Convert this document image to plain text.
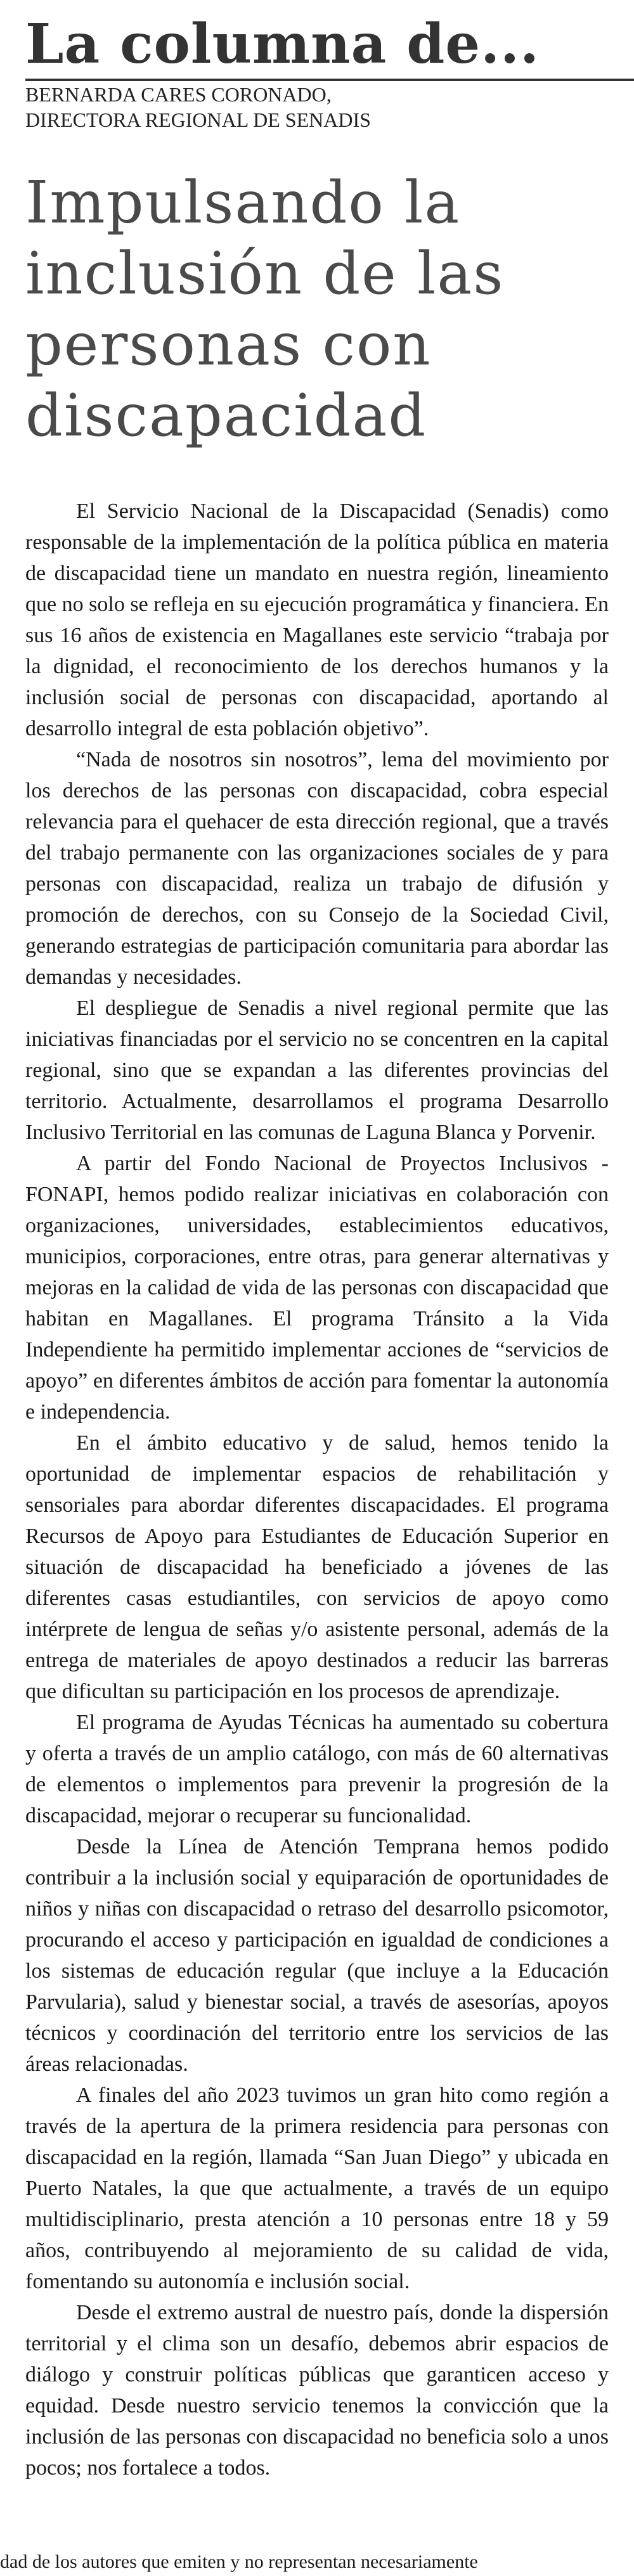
La columna de...
BERNARDA CARES CORONADO,
DIRECTORA REGIONAL DE SENADIS
Impulsando la inclusión de las personas con discapacidad

El Servicio Nacional de la Discapacidad (Senadis) como responsable de la implementación de la política pública en materia de discapacidad tiene un mandato en nuestra región, lineamiento que no solo se refleja en su ejecución programática y financiera. En sus 16 años de existencia en Magallanes este servicio “trabaja por la dignidad, el reconocimiento de los derechos humanos y la inclusión social de personas con discapacidad, aportando al desarrollo integral de esta población objetivo”.

“Nada de nosotros sin nosotros”, lema del movimiento por los derechos de las personas con discapacidad, cobra especial relevancia para el quehacer de esta dirección regional, que a través del trabajo permanente con las organizaciones sociales de y para personas con discapacidad, realiza un trabajo de difusión y promoción de derechos, con su Consejo de la Sociedad Civil, generando estrategias de participación comunitaria para abordar las demandas y necesidades.

El despliegue de Senadis a nivel regional permite que las iniciativas financiadas por el servicio no se concentren en la capital regional, sino que se expandan a las diferentes provincias del territorio. Actualmente, desarrollamos el programa Desarrollo Inclusivo Territorial en las comunas de Laguna Blanca y Porvenir.

A partir del Fondo Nacional de Proyectos Inclusivos - FONAPI, hemos podido realizar iniciativas en colaboración con organizaciones, universidades, establecimientos educativos, municipios, corporaciones, entre otras, para generar alternativas y mejoras en la calidad de vida de las personas con discapacidad que habitan en Magallanes. El programa Tránsito a la Vida Independiente ha permitido implementar acciones de “servicios de apoyo” en diferentes ámbitos de acción para fomentar la autonomía e independencia.

En el ámbito educativo y de salud, hemos tenido la oportunidad de implementar espacios de rehabilitación y sensoriales para abordar diferentes discapacidades. El programa Recursos de Apoyo para Estudiantes de Educación Superior en situación de discapacidad ha beneficiado a jóvenes de las diferentes casas estudiantiles, con servicios de apoyo como intérprete de lengua de señas y/o asistente personal, además de la entrega de materiales de apoyo destinados a reducir las barreras que dificultan su participación en los procesos de aprendizaje.

El programa de Ayudas Técnicas ha aumentado su cobertura y oferta a través de un amplio catálogo, con más de 60 alternativas de elementos o implementos para prevenir la progresión de la discapacidad, mejorar o recuperar su funcionalidad.

Desde la Línea de Atención Temprana hemos podido contribuir a la inclusión social y equiparación de oportunidades de niños y niñas con discapacidad o retraso del desarrollo psicomotor, procurando el acceso y participación en igualdad de condiciones a los sistemas de educación regular (que incluye a la Educación Parvularia), salud y bienestar social, a través de asesorías, apoyos técnicos y coordinación del territorio entre los servicios de las áreas relacionadas.

A finales del año 2023 tuvimos un gran hito como región a través de la apertura de la primera residencia para personas con discapacidad en la región, llamada “San Juan Diego” y ubicada en Puerto Natales, la que que actualmente, a través de un equipo multidisciplinario, presta atención a 10 personas entre 18 y 59 años, contribuyendo al mejoramiento de su calidad de vida, fomentando su autonomía e inclusión social.

Desde el extremo austral de nuestro país, donde la dispersión territorial y el clima son un desafío, debemos abrir espacios de diálogo y construir políticas públicas que garanticen acceso y equidad. Desde nuestro servicio tenemos la convicción que la inclusión de las personas con discapacidad no beneficia solo a unos pocos; nos fortalece a todos.

dad de los autores que emiten y no representan necesariamente
